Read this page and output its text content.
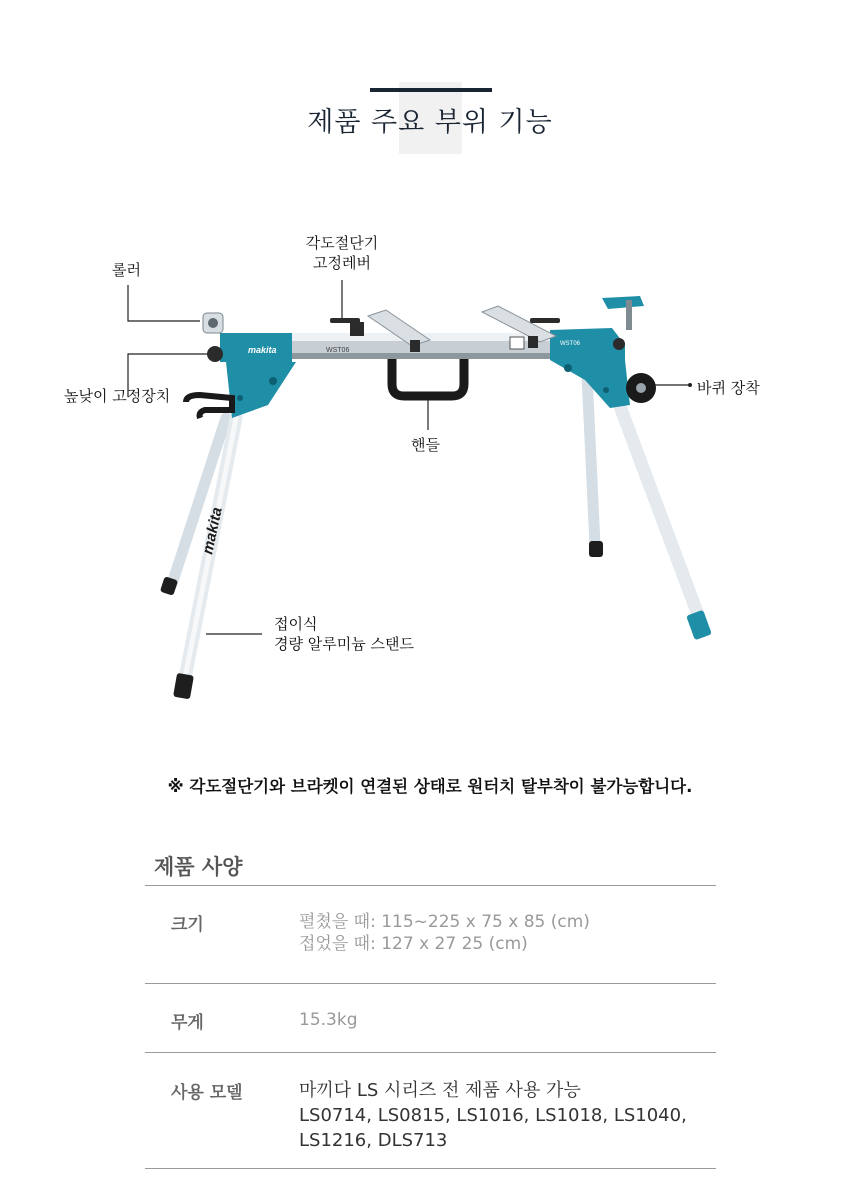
제품 주요 부위 기능
makita
makita
WST06
WST06
롤러
각도절단기
고정레버
높낮이 고정장치	바퀴 장착
핸들
접이식
경량 알루미늄 스탠드
※ 각도절단기와 브라켓이 연결된 상태로 원터치 탈부착이 불가능합니다.
제품 사양
크기	펼쳤을 때: 115~225 x 75 x 85 (cm)
접었을 때: 127 x 27 25 (cm)
무게	15.3kg
사용 모델	마끼다 LS 시리즈 전 제품 사용 가능
LS0714, LS0815, LS1016, LS1018, LS1040,
LS1216, DLS713
